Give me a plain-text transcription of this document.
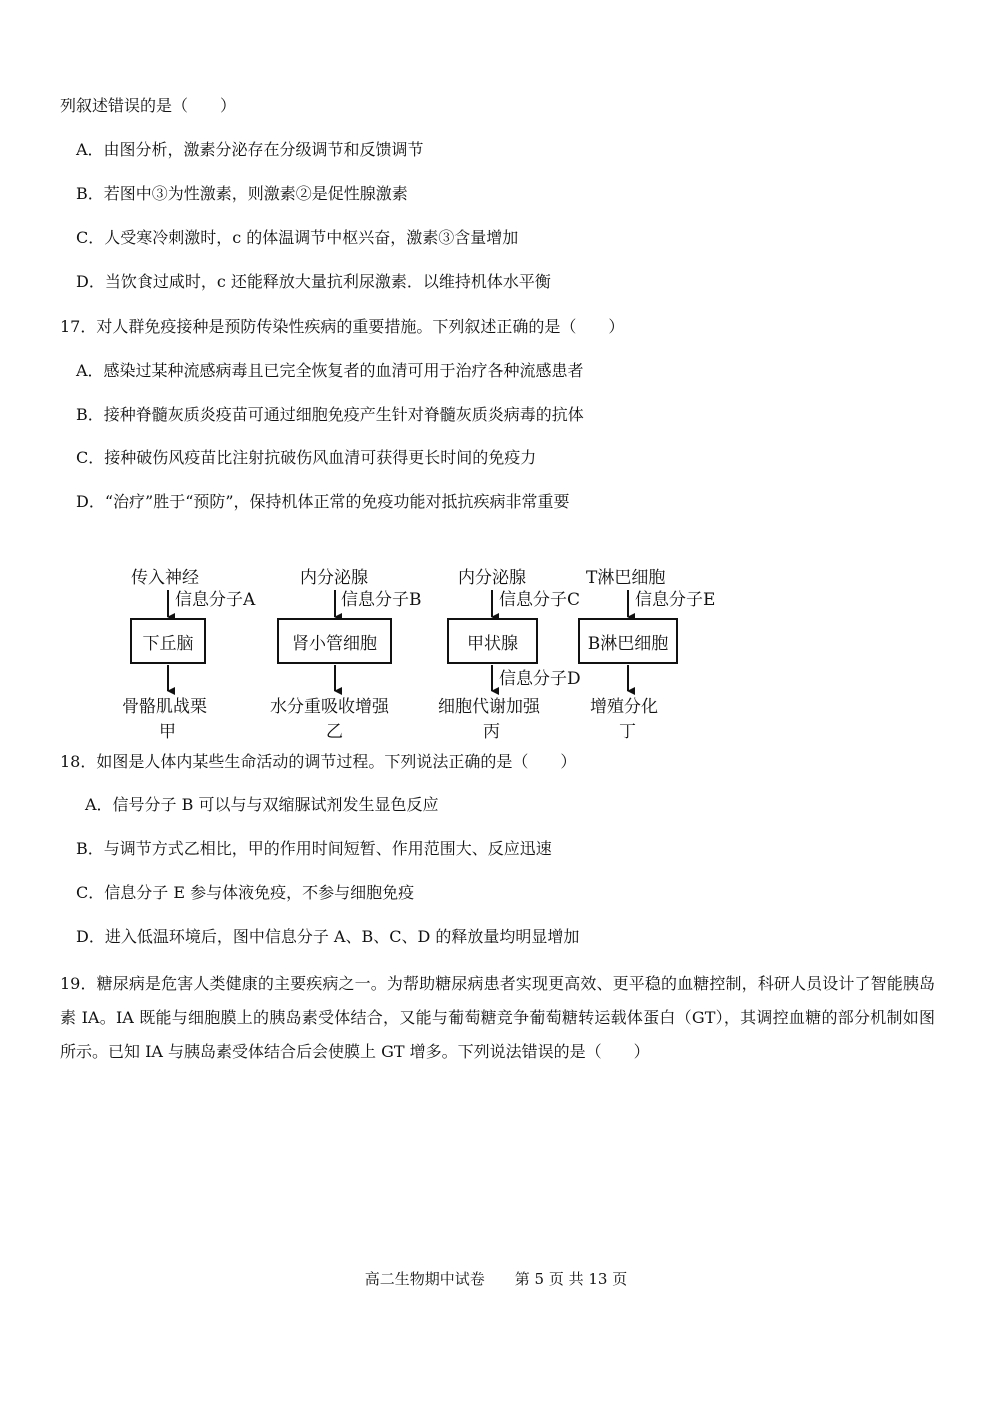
列叙述错误的是（　　）
A．由图分析，激素分泌存在分级调节和反馈调节
B．若图中③为性激素，则激素②是促性腺激素
C．人受寒冷刺激时，c 的体温调节中枢兴奋，激素③含量增加
D．当饮食过咸时，c 还能释放大量抗利尿激素．以维持机体水平衡
17．对人群免疫接种是预防传染性疾病的重要措施。下列叙述正确的是（　　）
A．感染过某种流感病毒且已完全恢复者的血清可用于治疗各种流感患者
B．接种脊髓灰质炎疫苗可通过细胞免疫产生针对脊髓灰质炎病毒的抗体
C．接种破伤风疫苗比注射抗破伤风血清可获得更长时间的免疫力
D．“治疗”胜于“预防”，保持机体正常的免疫功能对抵抗疾病非常重要
传入神经
信息分子A
下丘脑
骨骼肌战栗
甲
内分泌腺
信息分子B
肾小管细胞
水分重吸收增强
乙
内分泌腺
信息分子C
甲状腺
信息分子D
细胞代谢加强
丙
T淋巴细胞
信息分子E
B淋巴细胞
增殖分化
丁
18．如图是人体内某些生命活动的调节过程。下列说法正确的是（　　）
A．信号分子 B 可以与与双缩脲试剂发生显色反应
B．与调节方式乙相比，甲的作用时间短暂、作用范围大、反应迅速
C．信息分子 E 参与体液免疫，不参与细胞免疫
D．进入低温环境后，图中信息分子 A、B、C、D 的释放量均明显增加
19．糖尿病是危害人类健康的主要疾病之一。为帮助糖尿病患者实现更高效、更平稳的血糖控制，科研人员设计了智能胰岛素 IA。IA 既能与细胞膜上的胰岛素受体结合，又能与葡萄糖竞争葡萄糖转运载体蛋白（GT），其调控血糖的部分机制如图所示。已知 IA 与胰岛素受体结合后会使膜上 GT 增多。下列说法错误的是（　　）
高二生物期中试卷　　第 5 页 共 13 页
